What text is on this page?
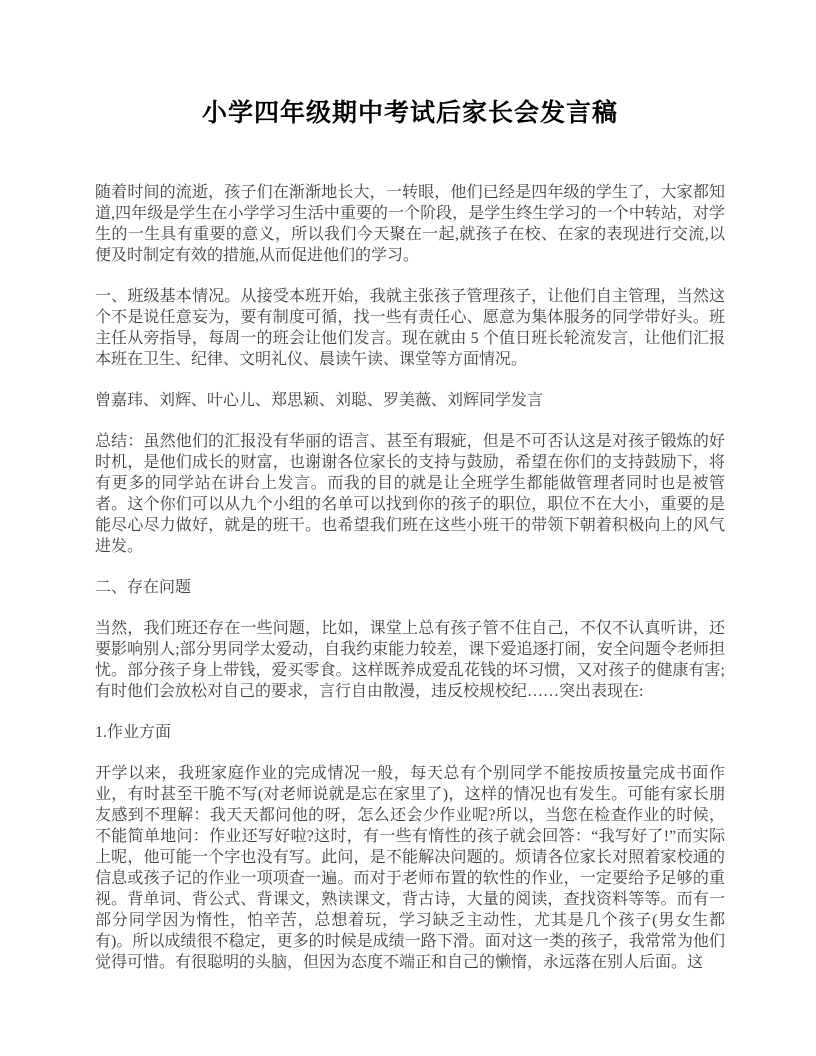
小学四年级期中考试后家长会发言稿

随着时间的流逝，孩子们在渐渐地长大，一转眼，他们已经是四年级的学生了，大家都知道,四年级是学生在小学学习生活中重要的一个阶段，是学生终生学习的一个中转站，对学生的一生具有重要的意义，所以我们今天聚在一起,就孩子在校、在家的表现进行交流,以便及时制定有效的措施,从而促进他们的学习。

一、班级基本情况。从接受本班开始，我就主张孩子管理孩子，让他们自主管理，当然这个不是说任意妄为，要有制度可循，找一些有责任心、愿意为集体服务的同学带好头。班主任从旁指导，每周一的班会让他们发言。现在就由 5 个值日班长轮流发言，让他们汇报本班在卫生、纪律、文明礼仪、晨读午读、课堂等方面情况。

曾嘉玮、刘辉、叶心儿、郑思颖、刘聪、罗美薇、刘辉同学发言

总结：虽然他们的汇报没有华丽的语言、甚至有瑕疵，但是不可否认这是对孩子锻炼的好时机，是他们成长的财富，也谢谢各位家长的支持与鼓励，希望在你们的支持鼓励下，将有更多的同学站在讲台上发言。而我的目的就是让全班学生都能做管理者同时也是被管者。这个你们可以从九个小组的名单可以找到你的孩子的职位，职位不在大小，重要的是能尽心尽力做好，就是的班干。也希望我们班在这些小班干的带领下朝着积极向上的风气进发。

二、存在问题

当然，我们班还存在一些问题，比如，课堂上总有孩子管不住自己，不仅不认真听讲，还要影响别人;部分男同学太爱动，自我约束能力较差，课下爱追逐打闹，安全问题令老师担忧。部分孩子身上带钱，爱买零食。这样既养成爱乱花钱的坏习惯，又对孩子的健康有害;有时他们会放松对自己的要求，言行自由散漫，违反校规校纪……突出表现在:

1.作业方面

开学以来，我班家庭作业的完成情况一般，每天总有个别同学不能按质按量完成书面作业，有时甚至干脆不写(对老师说就是忘在家里了)，这样的情况也有发生。可能有家长朋友感到不理解：我天天都问他的呀，怎么还会少作业呢?所以，当您在检查作业的时候，不能简单地问：作业还写好啦?这时，有一些有惰性的孩子就会回答：“我写好了!”而实际上呢，他可能一个字也没有写。此问，是不能解决问题的。烦请各位家长对照着家校通的信息或孩子记的作业一项项查一遍。而对于老师布置的软性的作业，一定要给予足够的重视。背单词、背公式、背课文，熟读课文，背古诗，大量的阅读，查找资料等等。而有一部分同学因为惰性，怕辛苦，总想着玩，学习缺乏主动性，尤其是几个孩子(男女生都有)。所以成绩很不稳定，更多的时候是成绩一路下滑。面对这一类的孩子，我常常为他们觉得可惜。有很聪明的头脑，但因为态度不端正和自己的懒惰，永远落在别人后面。这
